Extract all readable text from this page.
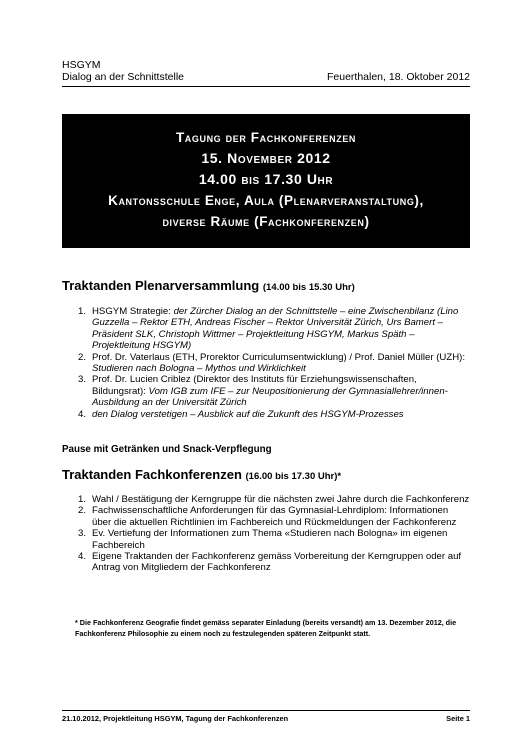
HSGYM
Dialog an der Schnittstelle	Feuerthalen, 18. Oktober 2012
Tagung der Fachkonferenzen
15. November 2012
14.00 bis 17.30 Uhr
Kantonsschule Enge, Aula (Plenarveranstaltung),
diverse Räume (Fachkonferenzen)
Traktanden Plenarversammlung (14.00 bis 15.30 Uhr)
1. HSGYM Strategie: der Zürcher Dialog an der Schnittstelle – eine Zwischenbilanz (Lino Guzzella – Rektor ETH, Andreas Fischer – Rektor Universität Zürich, Urs Bamert – Präsident SLK, Christoph Wittmer – Projektleitung HSGYM, Markus Späth – Projektleitung HSGYM)
2. Prof. Dr. Vaterlaus (ETH, Prorektor Curriculumsentwicklung) / Prof. Daniel Müller (UZH): Studieren nach Bologna – Mythos und Wirklichkeit
3. Prof. Dr. Lucien Criblez (Direktor des Instituts für Erziehungswissenschaften, Bildungsrat): Vom IGB zum IFE – zur Neupositionierung der Gymnasiallehrer/innen-Ausbildung an der Universität Zürich
4. den Dialog verstetigen – Ausblick auf die Zukunft des HSGYM-Prozesses
Pause mit Getränken und Snack-Verpflegung
Traktanden Fachkonferenzen (16.00 bis 17.30 Uhr)*
1. Wahl / Bestätigung der Kerngruppe für die nächsten zwei Jahre durch die Fachkonferenz
2. Fachwissenschaftliche Anforderungen für das Gymnasial-Lehrdiplom: Informationen über die aktuellen Richtlinien im Fachbereich und Rückmeldungen der Fachkonferenz
3. Ev. Vertiefung der Informationen zum Thema «Studieren nach Bologna» im eigenen Fachbereich
4. Eigene Traktanden der Fachkonferenz gemäss Vorbereitung der Kerngruppen oder auf Antrag von Mitgliedern der Fachkonferenz
* Die Fachkonferenz Geografie findet gemäss separater Einladung (bereits versandt) am 13. Dezember 2012, die Fachkonferenz Philosophie zu einem noch zu festzulegenden späteren Zeitpunkt statt.
21.10.2012, Projektleitung HSGYM, Tagung der Fachkonferenzen	Seite 1
